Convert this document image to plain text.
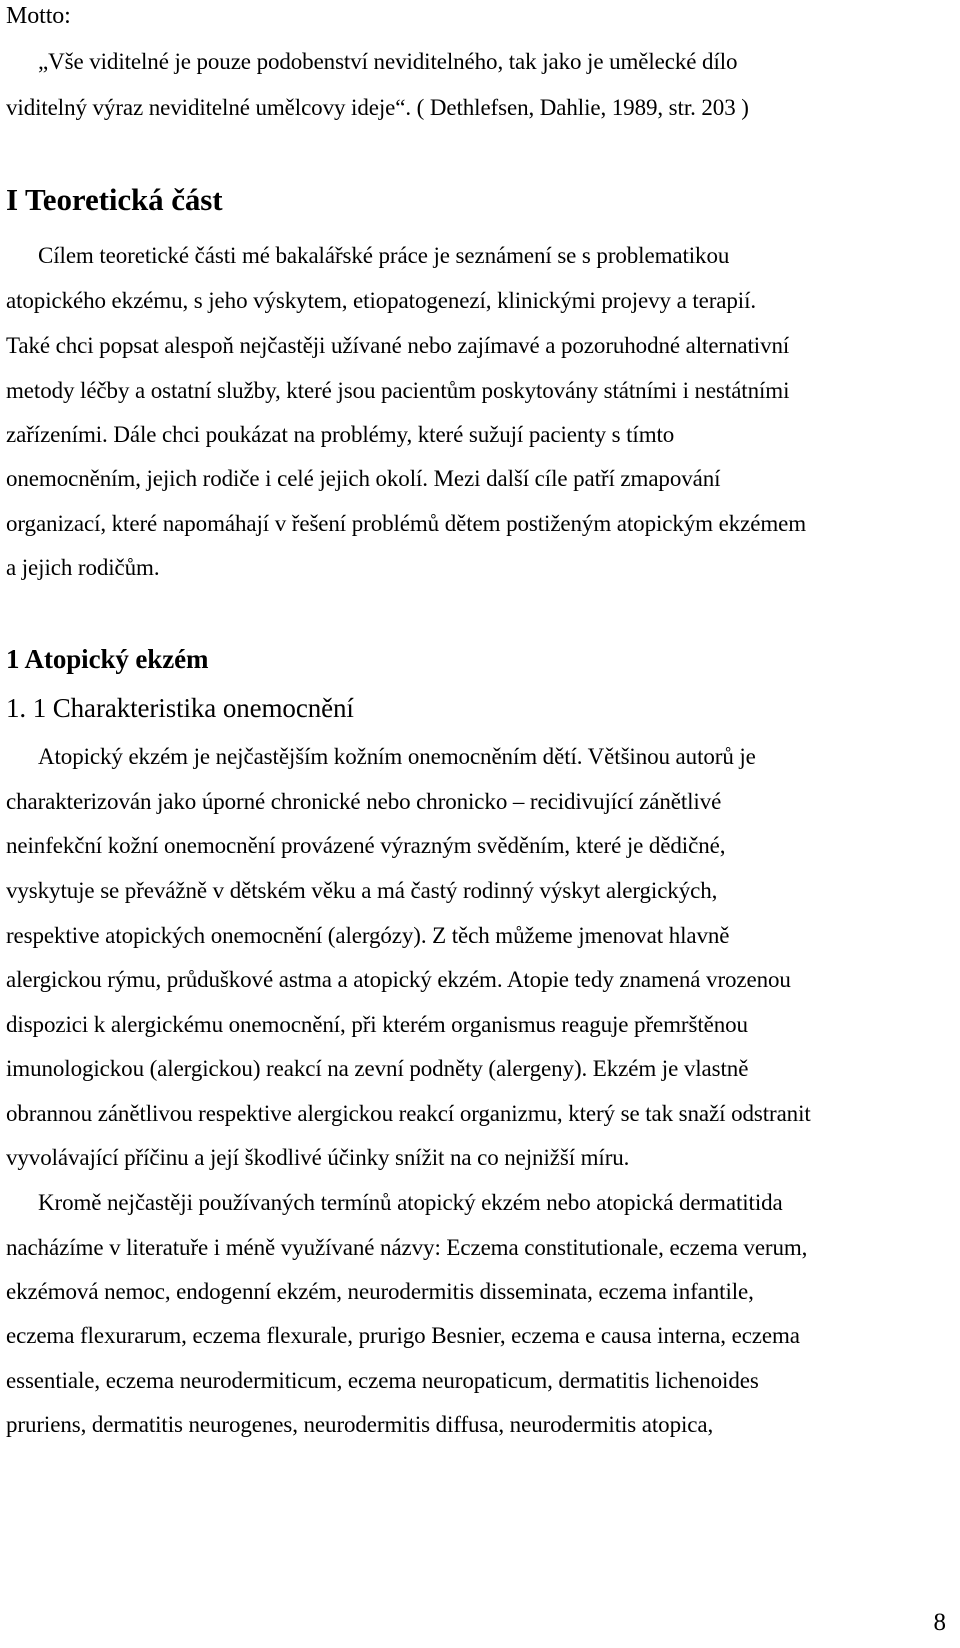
Motto:
„Vše viditelné je pouze podobenství neviditelného, tak jako je umělecké dílo
viditelný výraz neviditelné umělcovy ideje“. ( Dethlefsen, Dahlie, 1989, str. 203 )
I Teoretická část
Cílem teoretické části mé bakalářské práce je seznámení se s problematikou
atopického ekzému, s jeho výskytem, etiopatogenezí, klinickými projevy a terapií.
Také chci popsat alespoň nejčastěji užívané nebo zajímavé a pozoruhodné alternativní
metody léčby a ostatní služby, které jsou pacientům poskytovány státními i nestátními
zařízeními. Dále chci poukázat na problémy, které sužují pacienty s tímto
onemocněním, jejich rodiče i celé jejich okolí. Mezi další cíle patří zmapování
organizací, které napomáhají v řešení problémů dětem postiženým atopickým ekzémem
a jejich rodičům.
1 Atopický ekzém
1. 1 Charakteristika onemocnění
Atopický ekzém je nejčastějším kožním onemocněním dětí. Většinou autorů je
charakterizován jako úporné chronické nebo chronicko – recidivující zánětlivé
neinfekční kožní onemocnění provázené výrazným svěděním, které je dědičné,
vyskytuje se převážně v dětském věku a má častý rodinný výskyt alergických,
respektive atopických onemocnění (alergózy). Z těch můžeme jmenovat hlavně
alergickou rýmu, průduškové astma a atopický ekzém. Atopie tedy znamená vrozenou
dispozici k alergickému onemocnění, při kterém organismus reaguje přemrštěnou
imunologickou (alergickou) reakcí na zevní podněty (alergeny). Ekzém je vlastně
obrannou zánětlivou respektive alergickou reakcí organizmu, který se tak snaží odstranit
vyvolávající příčinu a její škodlivé účinky snížit na co nejnižší míru.
Kromě nejčastěji používaných termínů atopický ekzém nebo atopická dermatitida
nacházíme v literatuře i méně využívané názvy: Eczema constitutionale, eczema verum,
ekzémová nemoc, endogenní ekzém, neurodermitis disseminata, eczema infantile,
eczema flexurarum, eczema flexurale, prurigo Besnier, eczema e causa interna, eczema
essentiale, eczema neurodermiticum, eczema neuropaticum, dermatitis lichenoides
pruriens, dermatitis neurogenes, neurodermitis diffusa, neurodermitis atopica,
8
